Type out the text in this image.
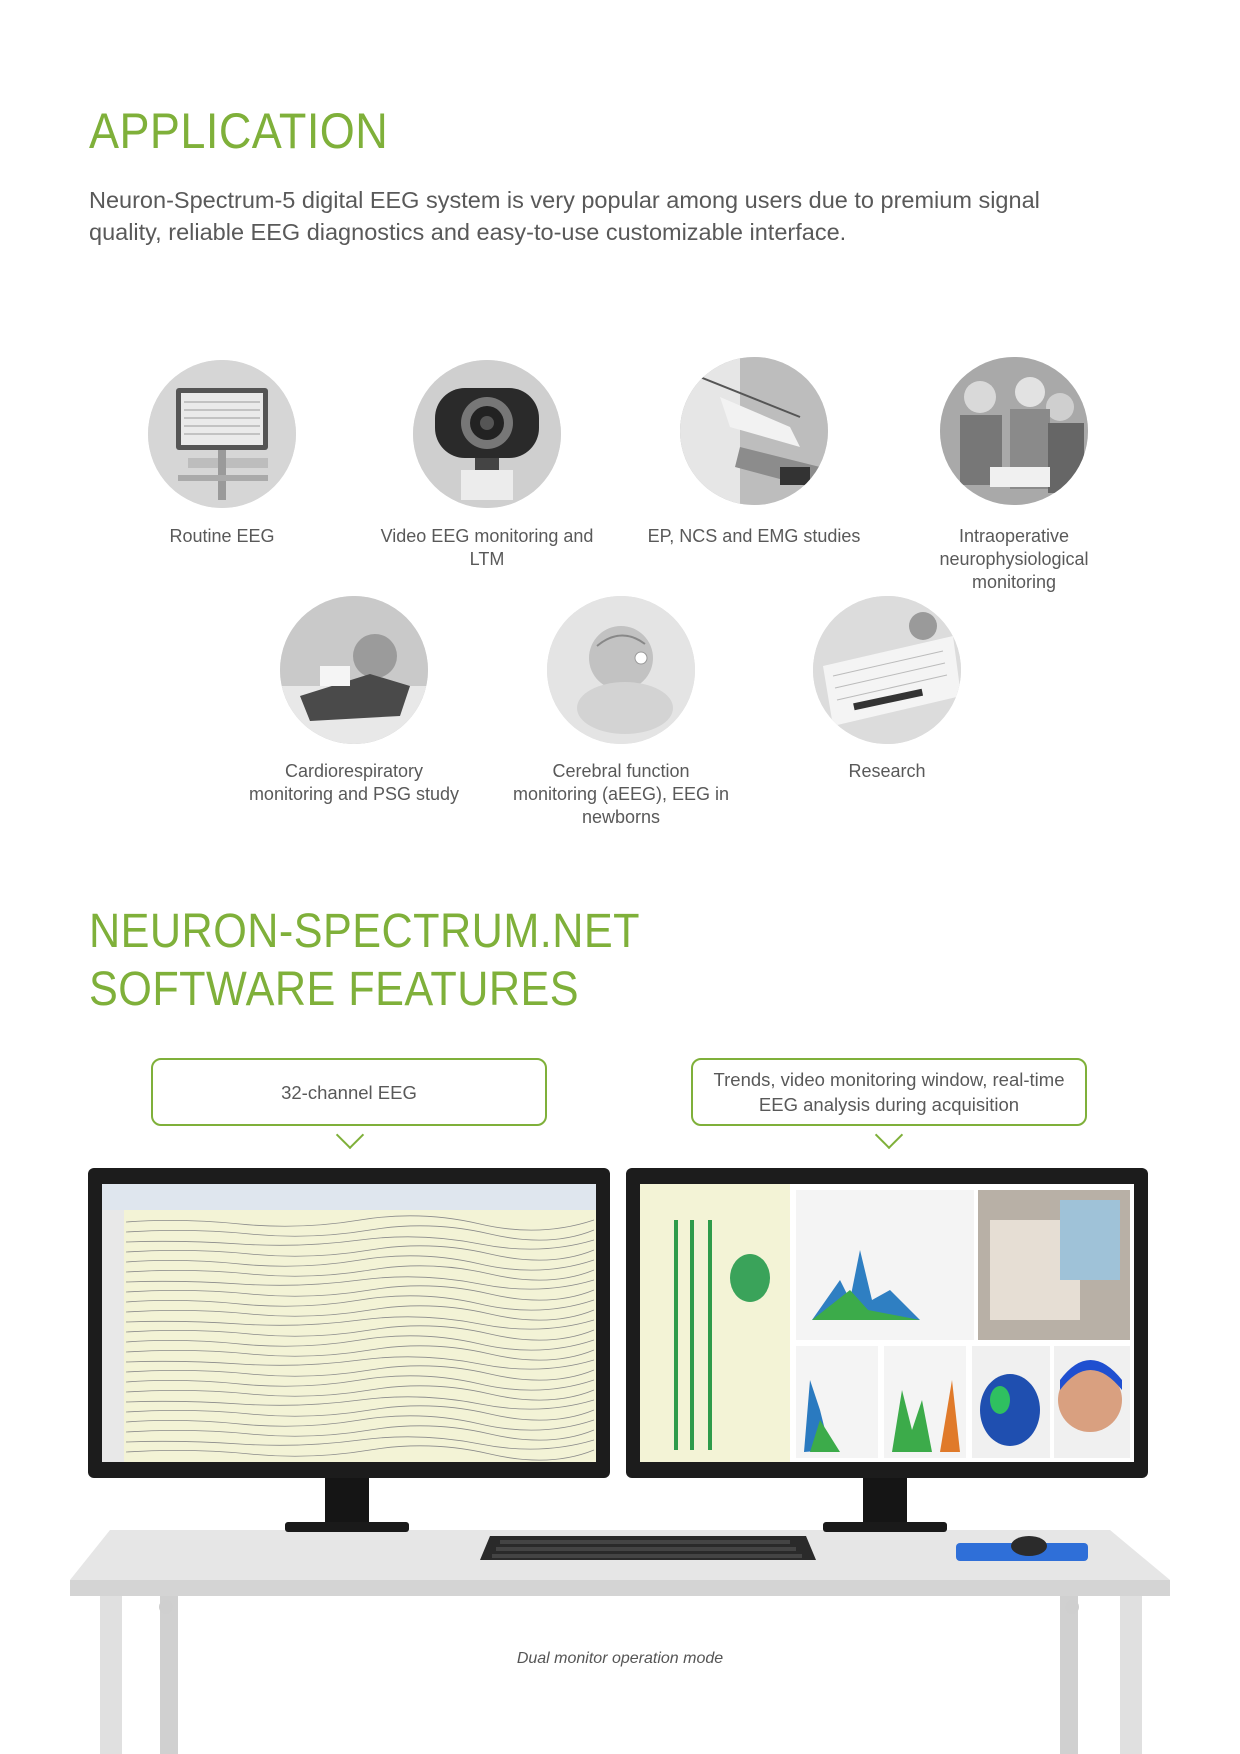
APPLICATION

Neuron-Spectrum-5 digital EEG system is very popular among users due to premium signal quality, reliable EEG diagnostics and easy-to-use customizable interface.

Routine EEG	Video EEG monitoring and LTM
EP, NCS and EMG studies	Intraoperative neurophysiological monitoring
Cardiorespiratory monitoring and PSG study
Cerebral function monitoring (aEEG), EEG in newborns
Research
NEURON-SPECTRUM.NET
SOFTWARE FEATURES
32-channel EEG
Trends, video monitoring window, real-time EEG analysis during acquisition
Dual monitor operation mode
